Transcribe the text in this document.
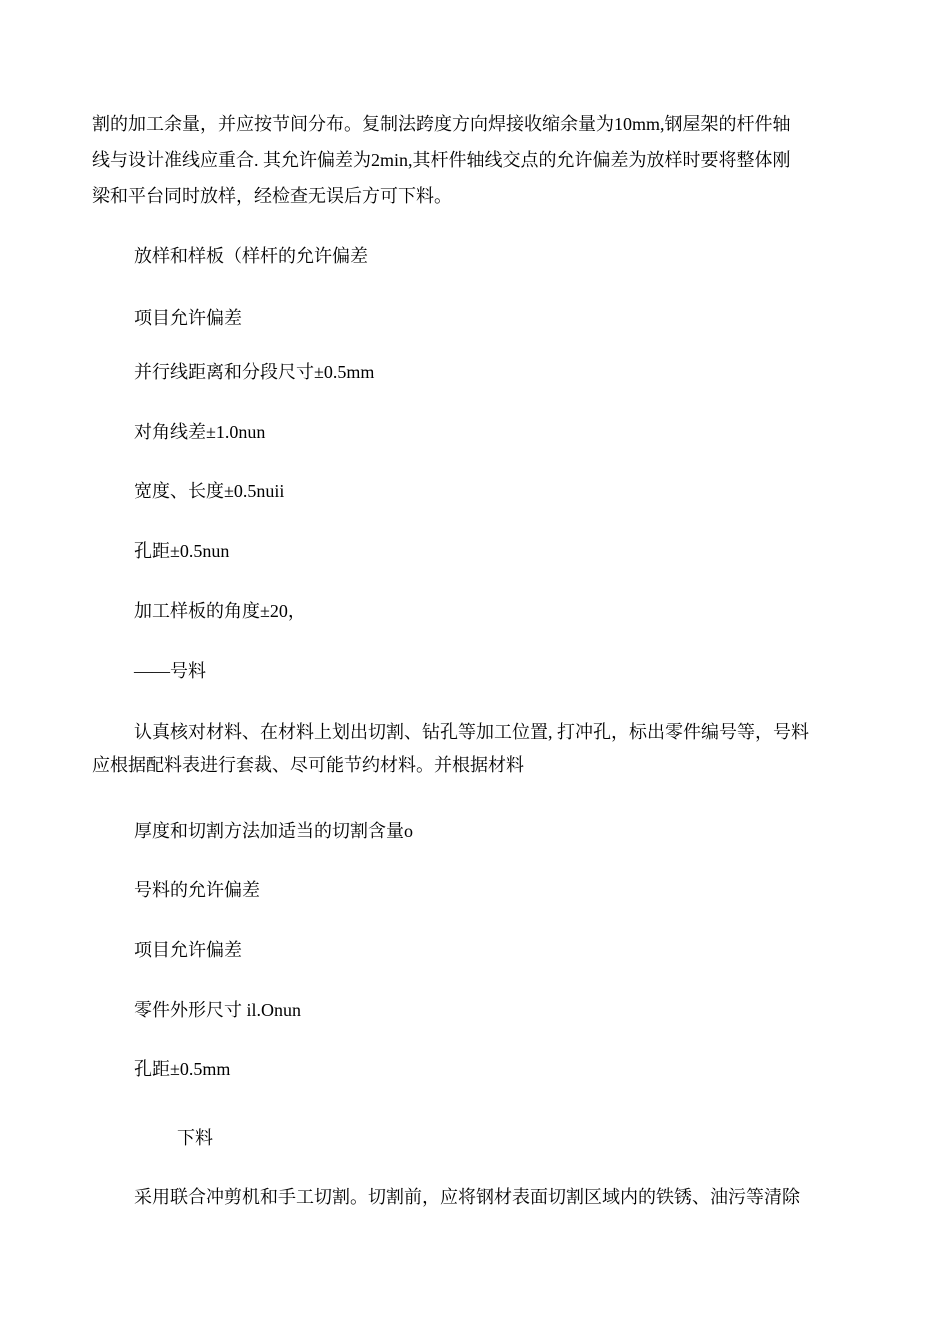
割的加工余量，并应按节间分布。复制法跨度方向焊接收缩余量为10mm,钢屋架的杆件轴
线与设计准线应重合. 其允许偏差为2min,其杆件轴线交点的允许偏差为放样时要将整体刚
梁和平台同时放样，经检查无误后方可下料。

放样和样板（样杆的允许偏差

项目允许偏差

并行线距离和分段尺寸±0.5mm

对角线差±1.0nun

宽度、长度±0.5nuii

孔距±0.5nun

加工样板的角度±20，

——号料

认真核对材料、在材料上划出切割、钻孔等加工位置, 打冲孔，标出零件编号等，号料
应根据配料表进行套裁、尽可能节约材料。并根据材料

厚度和切割方法加适当的切割含量o

号料的允许偏差

项目允许偏差

零件外形尺寸 il.Onun

孔距±0.5mm

下料

采用联合冲剪机和手工切割。切割前，应将钢材表面切割区域内的铁锈、油污等清除
